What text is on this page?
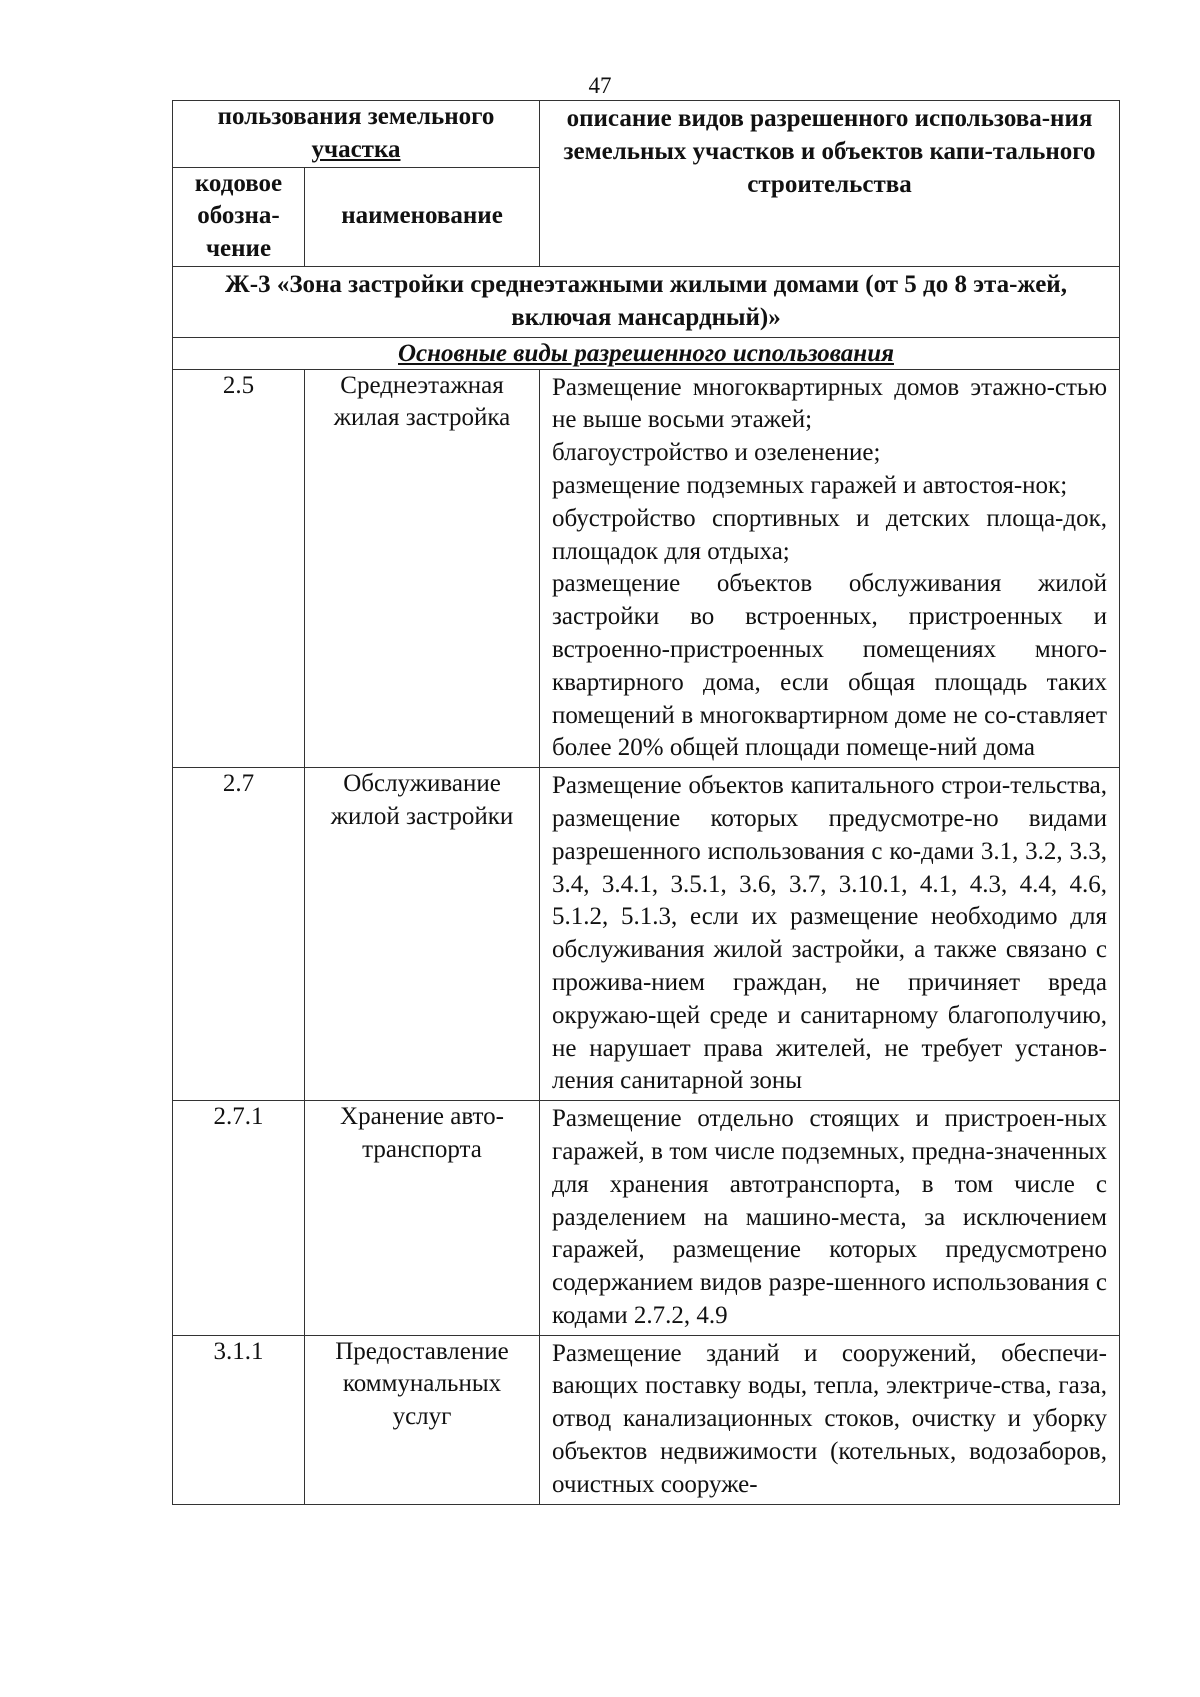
47
пользования земельного
участка		описание видов разрешенного использова-ния земельных участков и объектов капи-тального строительства
кодовое обозна-чение	наименование	
Ж-3 «Зона застройки среднеэтажными жилыми домами (от 5 до 8 эта-жей, включая мансардный)»		
Основные виды разрешенного использования		
2.5	Среднеэтажная жилая застройка	Размещение многоквартирных домов этажно-стью не выше восьми этажей;
благоустройство и озеленение;
размещение подземных гаражей и автостоя-нок;
обустройство спортивных и детских площа-док, площадок для отдыха;
размещение объектов обслуживания жилой застройки во встроенных, пристроенных и встроенно-пристроенных помещениях много-квартирного дома, если общая площадь таких помещений в многоквартирном доме не со-ставляет более 20% общей площади помеще-ний дома

2.7	Обслуживание жилой застройки	Размещение объектов капитального строи-тельства, размещение которых предусмотре-но видами разрешенного использования с ко-дами 3.1, 3.2, 3.3, 3.4, 3.4.1, 3.5.1, 3.6, 3.7, 3.10.1, 4.1, 4.3, 4.4, 4.6, 5.1.2, 5.1.3, если их размещение необходимо для обслуживания жилой застройки, а также связано с прожива-нием граждан, не причиняет вреда окружаю-щей среде и санитарному благополучию, не нарушает права жителей, не требует установ-ления санитарной зоны

2.7.1	Хранение авто-транспорта	Размещение отдельно стоящих и пристроен-ных гаражей, в том числе подземных, предна-значенных для хранения автотранспорта, в том числе с разделением на машино-места, за исключением гаражей, размещение которых предусмотрено содержанием видов разре-шенного использования с кодами 2.7.2, 4.9

3.1.1	Предоставление коммунальных услуг	Размещение зданий и сооружений, обеспечи-вающих поставку воды, тепла, электриче-ства, газа, отвод канализационных стоков, очистку и уборку объектов недвижимости (котельных, водозаборов, очистных сооруже-
